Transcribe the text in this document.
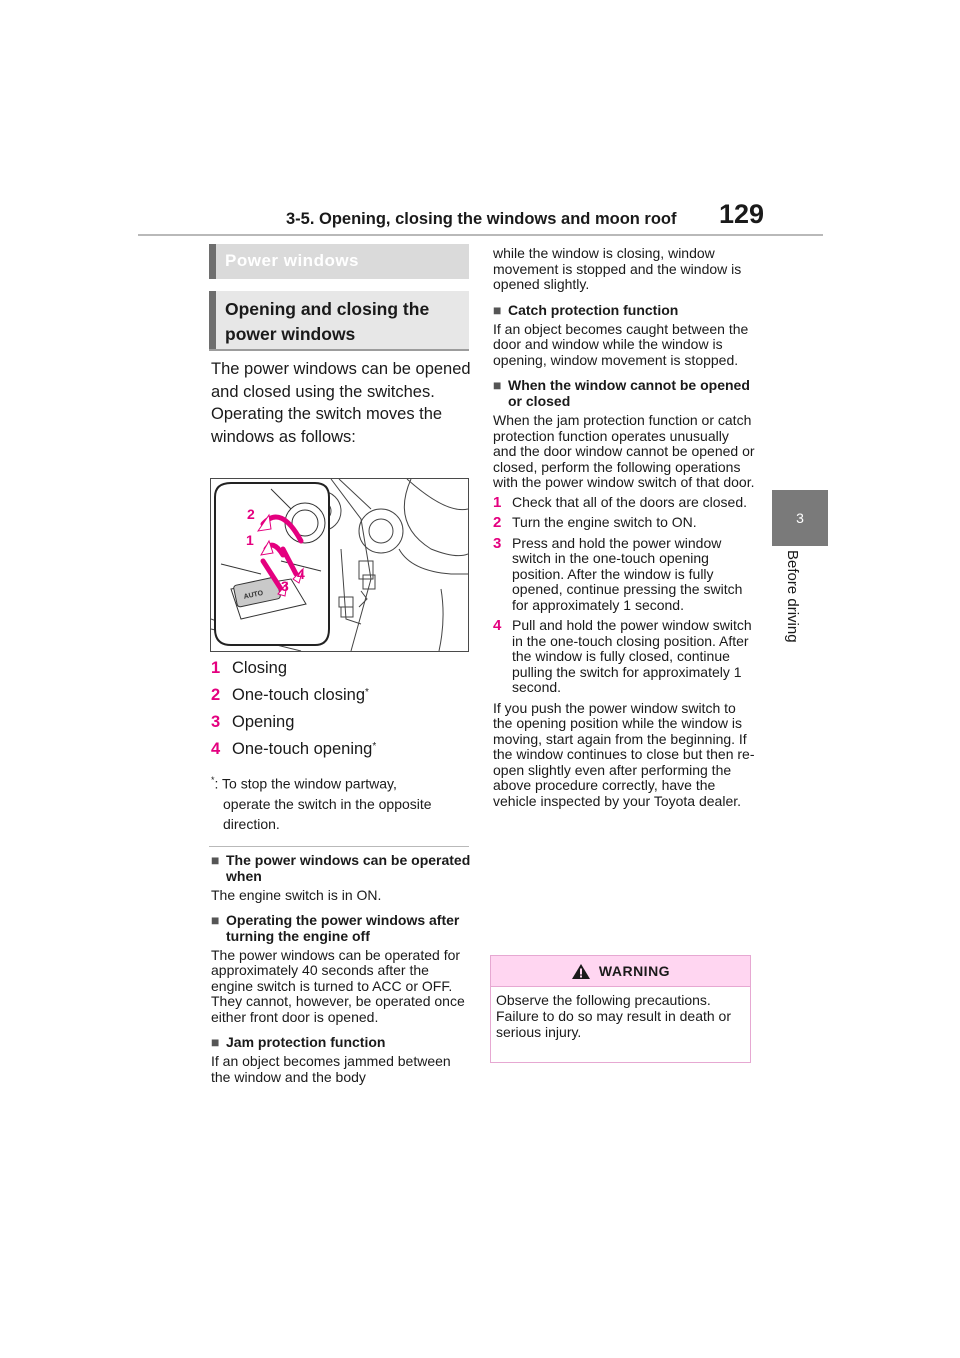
3-5. Opening, closing the windows and moon roof 129
3
Before driving
Power windows
Opening and closing the power windows
The power windows can be opened and closed using the switches.
Operating the switch moves the windows as follows:
AUTO
2
1
4
3
1 Closing
2 One-touch closing*
3 Opening
4 One-touch opening*
*: To stop the window partway,
operate the switch in the opposite direction.
■ The power windows can be operated when
The engine switch is in ON.
■ Operating the power windows after turning the engine off
The power windows can be operated for approximately 40 seconds after the engine switch is turned to ACC or OFF. They cannot, however, be operated once either front door is opened.
■ Jam protection function
If an object becomes jammed between the window and the body
while the window is closing, window movement is stopped and the window is opened slightly.
■ Catch protection function
If an object becomes caught between the door and window while the window is opening, window movement is stopped.
■ When the window cannot be opened or closed
When the jam protection function or catch protection function operates unusually and the door window cannot be opened or closed, perform the following operations with the power window switch of that door.
1 Check that all of the doors are closed.
2 Turn the engine switch to ON.
3 Press and hold the power window switch in the one-touch opening position. After the window is fully opened, continue pressing the switch for approximately 1 second.
4 Pull and hold the power window switch in the one-touch closing position. After the window is fully closed, continue pulling the switch for approximately 1 second.
If you push the power window switch to the opening position while the window is moving, start again from the beginning. If the window continues to close but then re-open slightly even after performing the above procedure correctly, have the vehicle inspected by your Toyota dealer.
WARNING
Observe the following precautions.
Failure to do so may result in death or serious injury.
